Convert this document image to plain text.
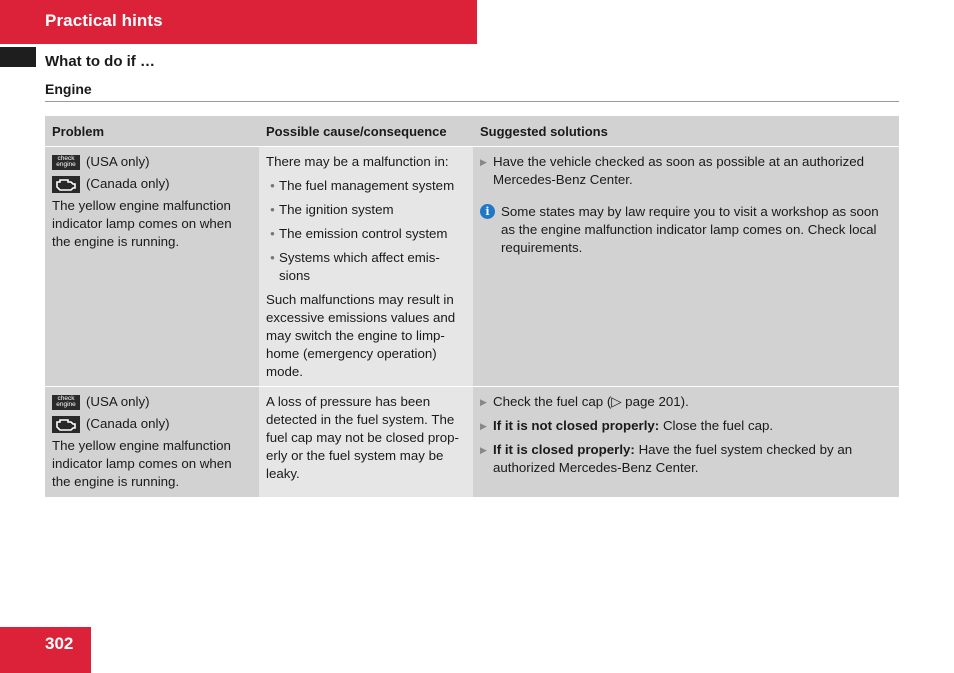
Practical hints
What to do if …
Engine
Problem	Possible cause/consequence	Suggested solutions
check engine (USA only)
(Canada only)
The yellow engine malfunction indicator lamp comes on when the engine is running.
There may be a malfunction in:
• The fuel management system
• The ignition system
• The emission control system
• Systems which affect emis- sions
Such malfunctions may result in excessive emissions values and may switch the engine to limp-home (emergency operation) mode.
▶ Have the vehicle checked as soon as possible at an authorized Mercedes-Benz Center.
i Some states may by law require you to visit a workshop as soon as the engine malfunction indicator lamp comes on. Check local requirements.
check engine (USA only)
(Canada only)
The yellow engine malfunction indicator lamp comes on when the engine is running.
A loss of pressure has been detected in the fuel system. The fuel cap may not be closed prop- erly or the fuel system may be leaky.
▶ Check the fuel cap (▷ page 201).
▶ If it is not closed properly: Close the fuel cap.
▶ If it is closed properly: Have the fuel system checked by an authorized Mercedes-Benz Center.
302
